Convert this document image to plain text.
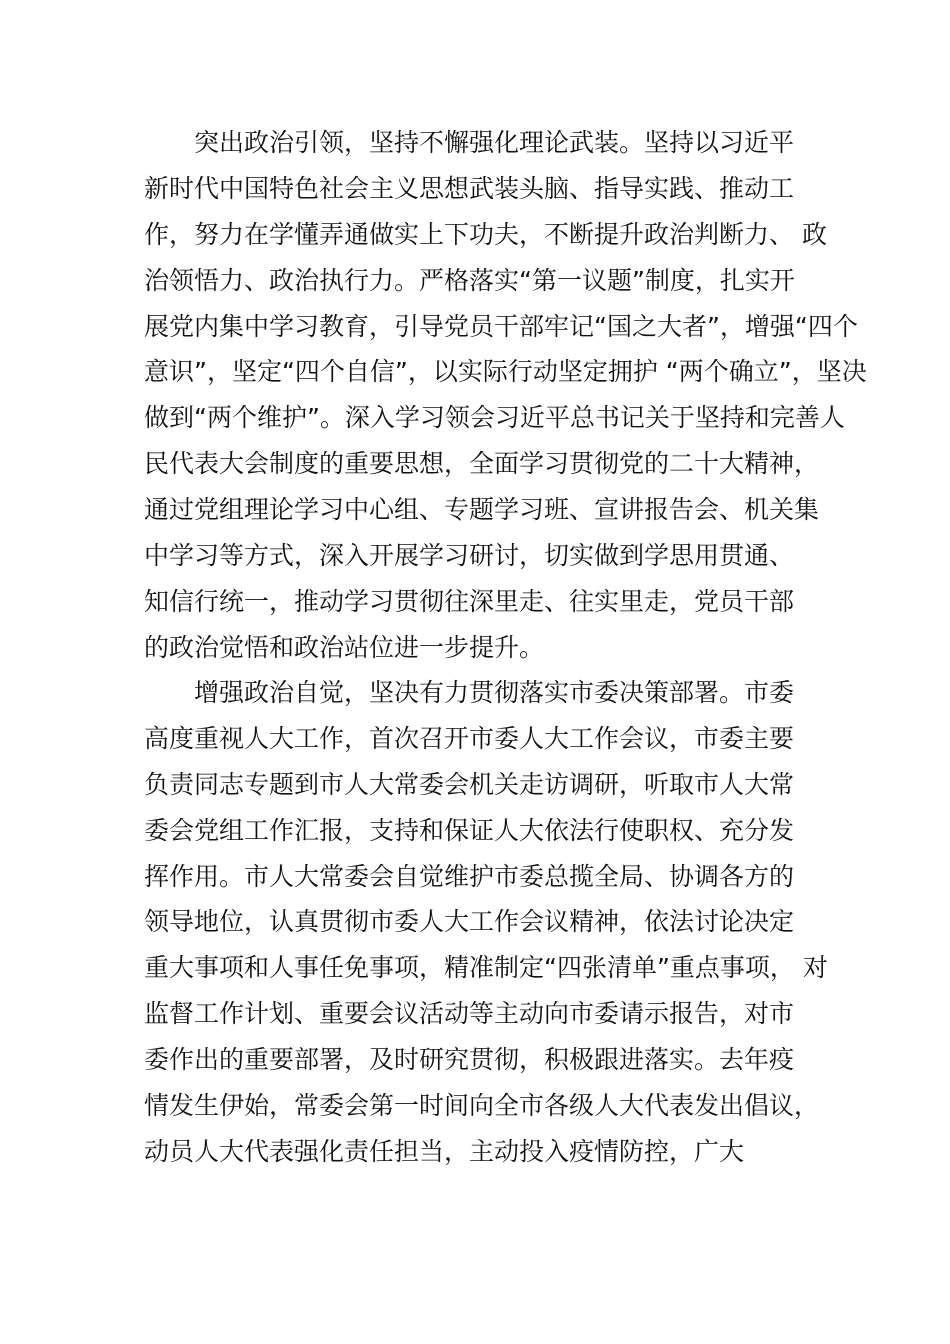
突出政治引领，坚持不懈强化理论武装。坚持以习近平
新时代中国特色社会主义思想武装头脑、指导实践、推动工
作，努力在学懂弄通做实上下功夫，不断提升政治判断力、 政
治领悟力、政治执行力。严格落实“第一议题”制度，扎实开
展党内集中学习教育，引导党员干部牢记“国之大者”，增强“四个
意识”，坚定“四个自信”，以实际行动坚定拥护 “两个确立”，坚决
做到“两个维护”。深入学习领会习近平总书记关于坚持和完善人
民代表大会制度的重要思想，全面学习贯彻党的二十大精神，
通过党组理论学习中心组、专题学习班、宣讲报告会、机关集
中学习等方式，深入开展学习研讨，切实做到学思用贯通、
知信行统一，推动学习贯彻往深里走、往实里走，党员干部
的政治觉悟和政治站位进一步提升。

增强政治自觉，坚决有力贯彻落实市委决策部署。市委
高度重视人大工作，首次召开市委人大工作会议，市委主要
负责同志专题到市人大常委会机关走访调研，听取市人大常
委会党组工作汇报，支持和保证人大依法行使职权、充分发
挥作用。市人大常委会自觉维护市委总揽全局、协调各方的
领导地位，认真贯彻市委人大工作会议精神，依法讨论决定
重大事项和人事任免事项，精准制定“四张清单”重点事项， 对
监督工作计划、重要会议活动等主动向市委请示报告，对市
委作出的重要部署，及时研究贯彻，积极跟进落实。去年疫
情发生伊始，常委会第一时间向全市各级人大代表发出倡议，
动员人大代表强化责任担当，主动投入疫情防控，广大
